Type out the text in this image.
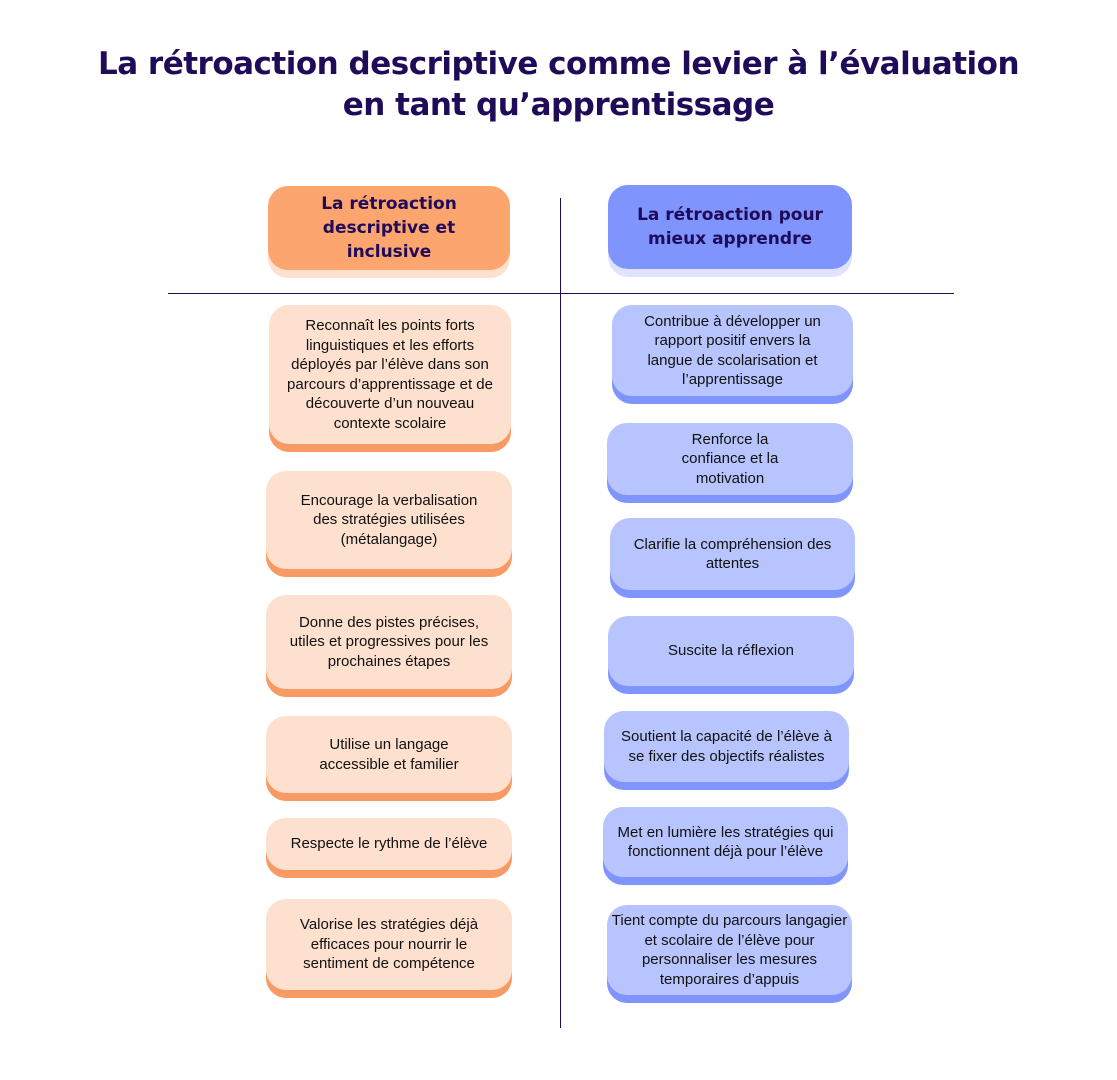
La rétroaction descriptive comme levier à l’évaluation
en tant qu’apprentissage
La rétroaction descriptive et inclusive
Reconnaît les points forts linguistiques et les efforts déployés par l’élève dans son parcours d’apprentissage et de découverte d’un nouveau contexte scolaire
Encourage la verbalisation des stratégies utilisées (métalangage)
Donne des pistes précises, utiles et progressives pour les prochaines étapes
Utilise un langage accessible et familier
Respecte le rythme de l’élève
Valorise les stratégies déjà efficaces pour nourrir le sentiment de compétence
La rétroaction pour mieux apprendre
Contribue à développer un rapport positif envers la langue de scolarisation et l’apprentissage
Renforce la confiance et la motivation
Clarifie la compréhension des attentes
Suscite la réflexion
Soutient la capacité de l’élève à se fixer des objectifs réalistes
Met en lumière les stratégies qui fonctionnent déjà pour l’élève
Tient compte du parcours langagier et scolaire de l’élève pour personnaliser les mesures temporaires d’appuis
